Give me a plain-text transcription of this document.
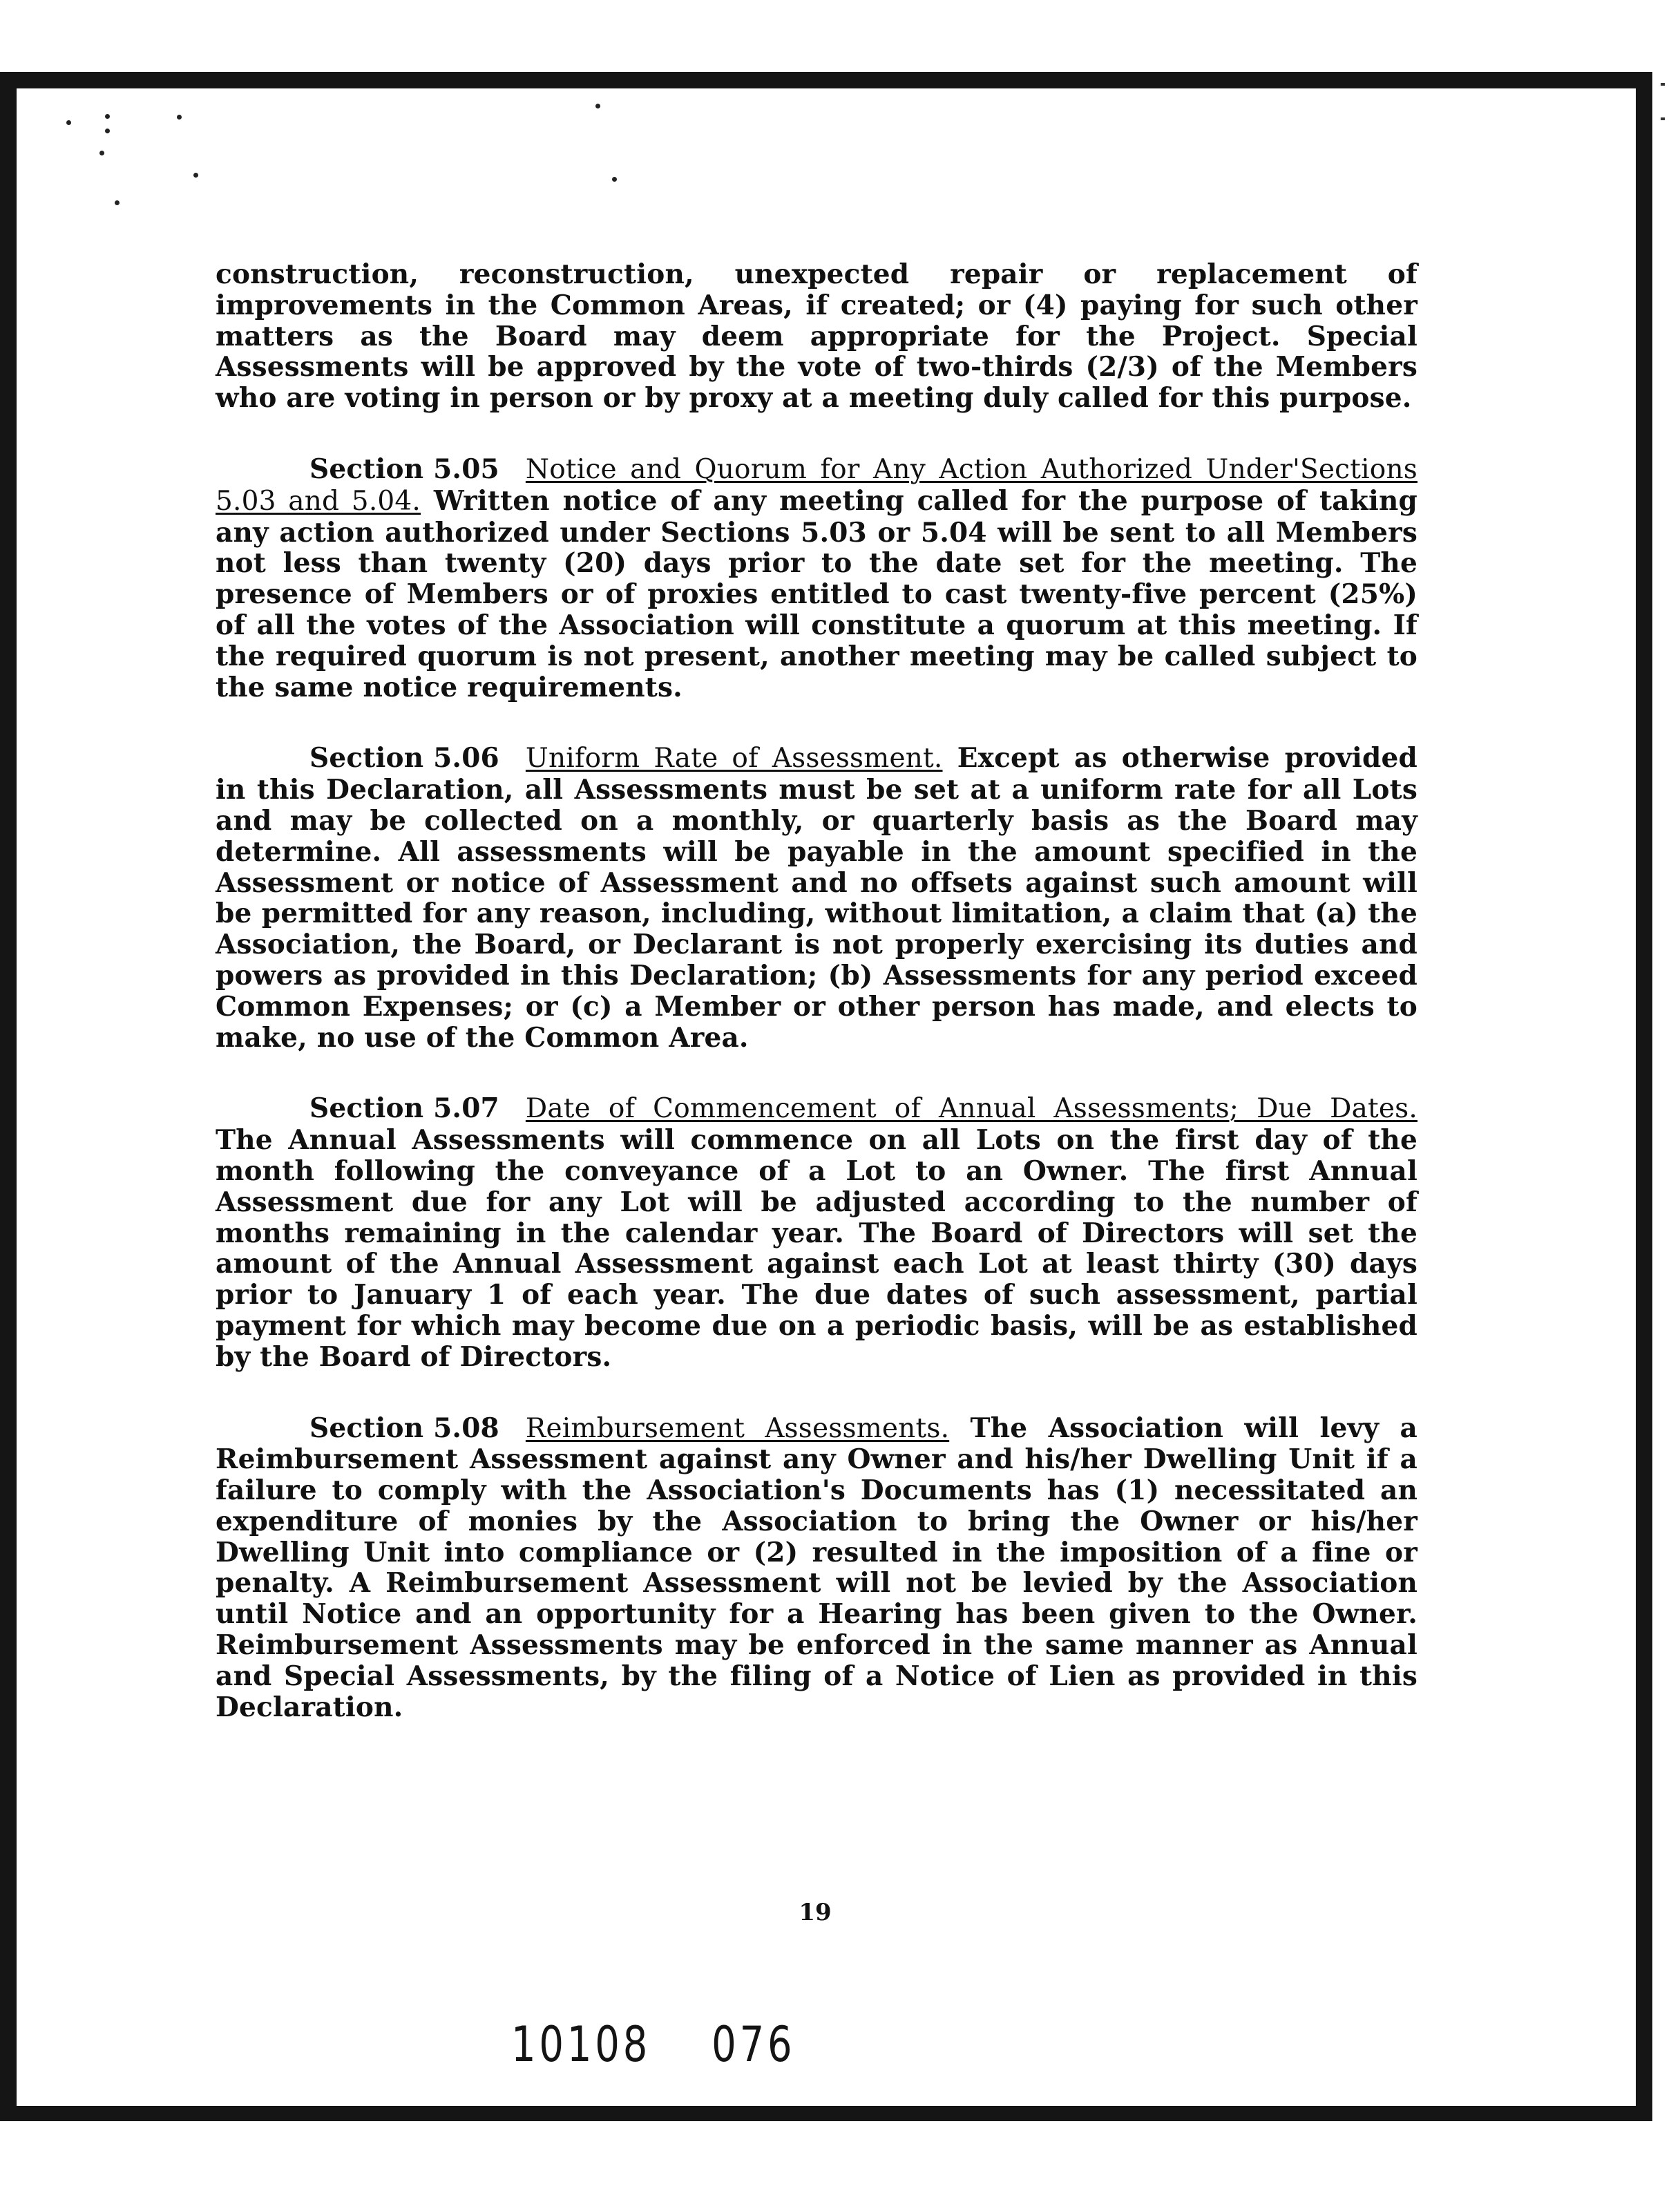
construction, reconstruction, unexpected repair or replacement of improvements in the Common Areas, if created; or (4) paying for such other matters as the Board may deem appropriate for the Project. Special Assessments will be approved by the vote of two-thirds (2/3) of the Members who are voting in person or by proxy at a meeting duly called for this purpose.

Section 5.05 Notice and Quorum for Any Action Authorized Under'Sections 5.03 and 5.04. Written notice of any meeting called for the purpose of taking any action authorized under Sections 5.03 or 5.04 will be sent to all Members not less than twenty (20) days prior to the date set for the meeting. The presence of Members or of proxies entitled to cast twenty-five percent (25%) of all the votes of the Association will constitute a quorum at this meeting. If the required quorum is not present, another meeting may be called subject to the same notice requirements.

Section 5.06 Uniform Rate of Assessment. Except as otherwise provided in this Declaration, all Assessments must be set at a uniform rate for all Lots and may be collected on a monthly, or quarterly basis as the Board may determine. All assessments will be payable in the amount specified in the Assessment or notice of Assessment and no offsets against such amount will be permitted for any reason, including, without limitation, a claim that (a) the Association, the Board, or Declarant is not properly exercising its duties and powers as provided in this Declaration; (b) Assessments for any period exceed Common Expenses; or (c) a Member or other person has made, and elects to make, no use of the Common Area.

Section 5.07 Date of Commencement of Annual Assessments; Due Dates. The Annual Assessments will commence on all Lots on the first day of the month following the conveyance of a Lot to an Owner. The first Annual Assessment due for any Lot will be adjusted according to the number of months remaining in the calendar year. The Board of Directors will set the amount of the Annual Assessment against each Lot at least thirty (30) days prior to January 1 of each year. The due dates of such assessment, partial payment for which may become due on a periodic basis, will be as established by the Board of Directors.

Section 5.08 Reimbursement Assessments. The Association will levy a Reimbursement Assessment against any Owner and his/her Dwelling Unit if a failure to comply with the Association's Documents has (1) necessitated an expenditure of monies by the Association to bring the Owner or his/her Dwelling Unit into compliance or (2) resulted in the imposition of a fine or penalty. A Reimbursement Assessment will not be levied by the Association until Notice and an opportunity for a Hearing has been given to the Owner. Reimbursement Assessments may be enforced in the same manner as Annual and Special Assessments, by the filing of a Notice of Lien as provided in this Declaration.

19
10108 076
